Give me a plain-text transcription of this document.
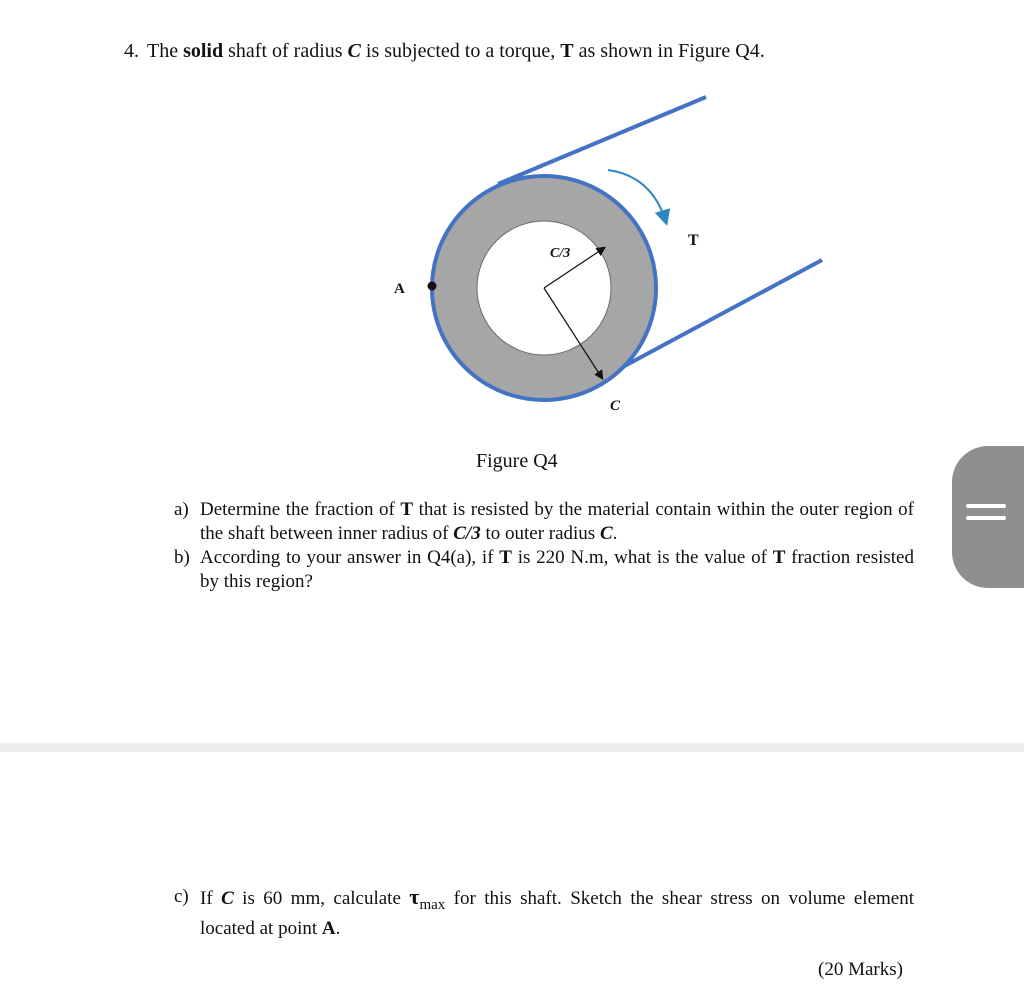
4. The solid shaft of radius C is subjected to a torque, T as shown in Figure Q4.
C/3
T
A
C
Figure Q4
a) Determine the fraction of T that is resisted by the material contain within the outer region of the shaft between inner radius of C/3 to outer radius C.
b) According to your answer in Q4(a), if T is 220 N.m, what is the value of T fraction resisted by this region?
c) If C is 60 mm, calculate $\tau_{max}$ for this shaft. Sketch the shear stress on volume element located at point A.
(20 Marks)
